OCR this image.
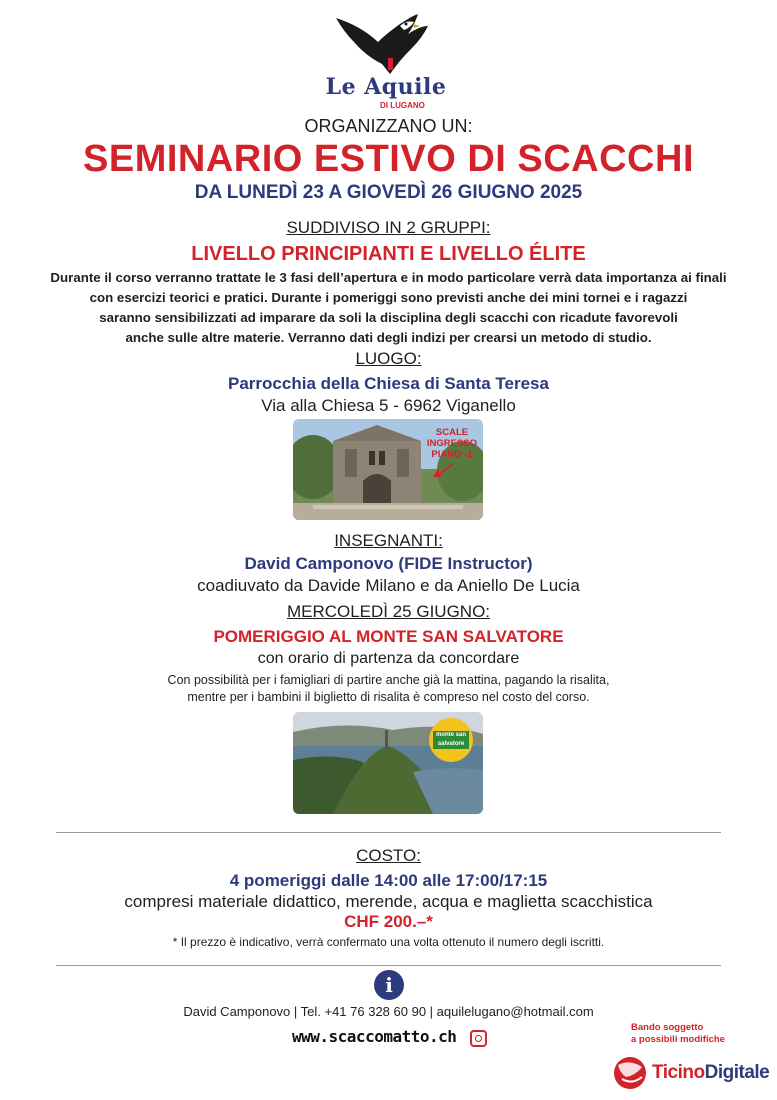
Le Aquile
DI LUGANO
ORGANIZZANO UN:
SEMINARIO ESTIVO DI SCACCHI
DA LUNEDÌ 23 A GIOVEDÌ 26 GIUGNO 2025
SUDDIVISO IN 2 GRUPPI:
LIVELLO PRINCIPIANTI E LIVELLO ÉLITE
Durante il corso verranno trattate le 3 fasi dell’apertura e in modo particolare verrà data importanza ai finali
con esercizi teorici e pratici. Durante i pomeriggi sono previsti anche dei mini tornei e i ragazzi
saranno sensibilizzati ad imparare da soli la disciplina degli scacchi con ricadute favorevoli
anche sulle altre materie. Verranno dati degli indizi per crearsi un metodo di studio.
LUOGO:
Parrocchia della Chiesa di Santa Teresa
Via alla Chiesa 5 - 6962 Viganello
SCALE
INGRESSO
PIANO -1
INSEGNANTI:
David Camponovo (FIDE Instructor)
coadiuvato da Davide Milano e da Aniello De Lucia
MERCOLEDÌ 25 GIUGNO:
POMERIGGIO AL MONTE SAN SALVATORE
con orario di partenza da concordare
Con possibilità per i famigliari di partire anche già la mattina, pagando la risalita,
mentre per i bambini il biglietto di risalita è compreso nel costo del corso.
monte san salvatore
COSTO:
4 pomeriggi dalle 14:00 alle 17:00/17:15
compresi materiale didattico, merende, acqua e maglietta scacchistica
CHF 200.–*
* Il prezzo è indicativo, verrà confermato una volta ottenuto il numero degli iscritti.
i
David Camponovo | Tel. +41 76 328 60 90 | aquilelugano@hotmail.com
www.scaccomatto.ch	Bando soggetto
a possibili modifiche
TicinoDigitale
